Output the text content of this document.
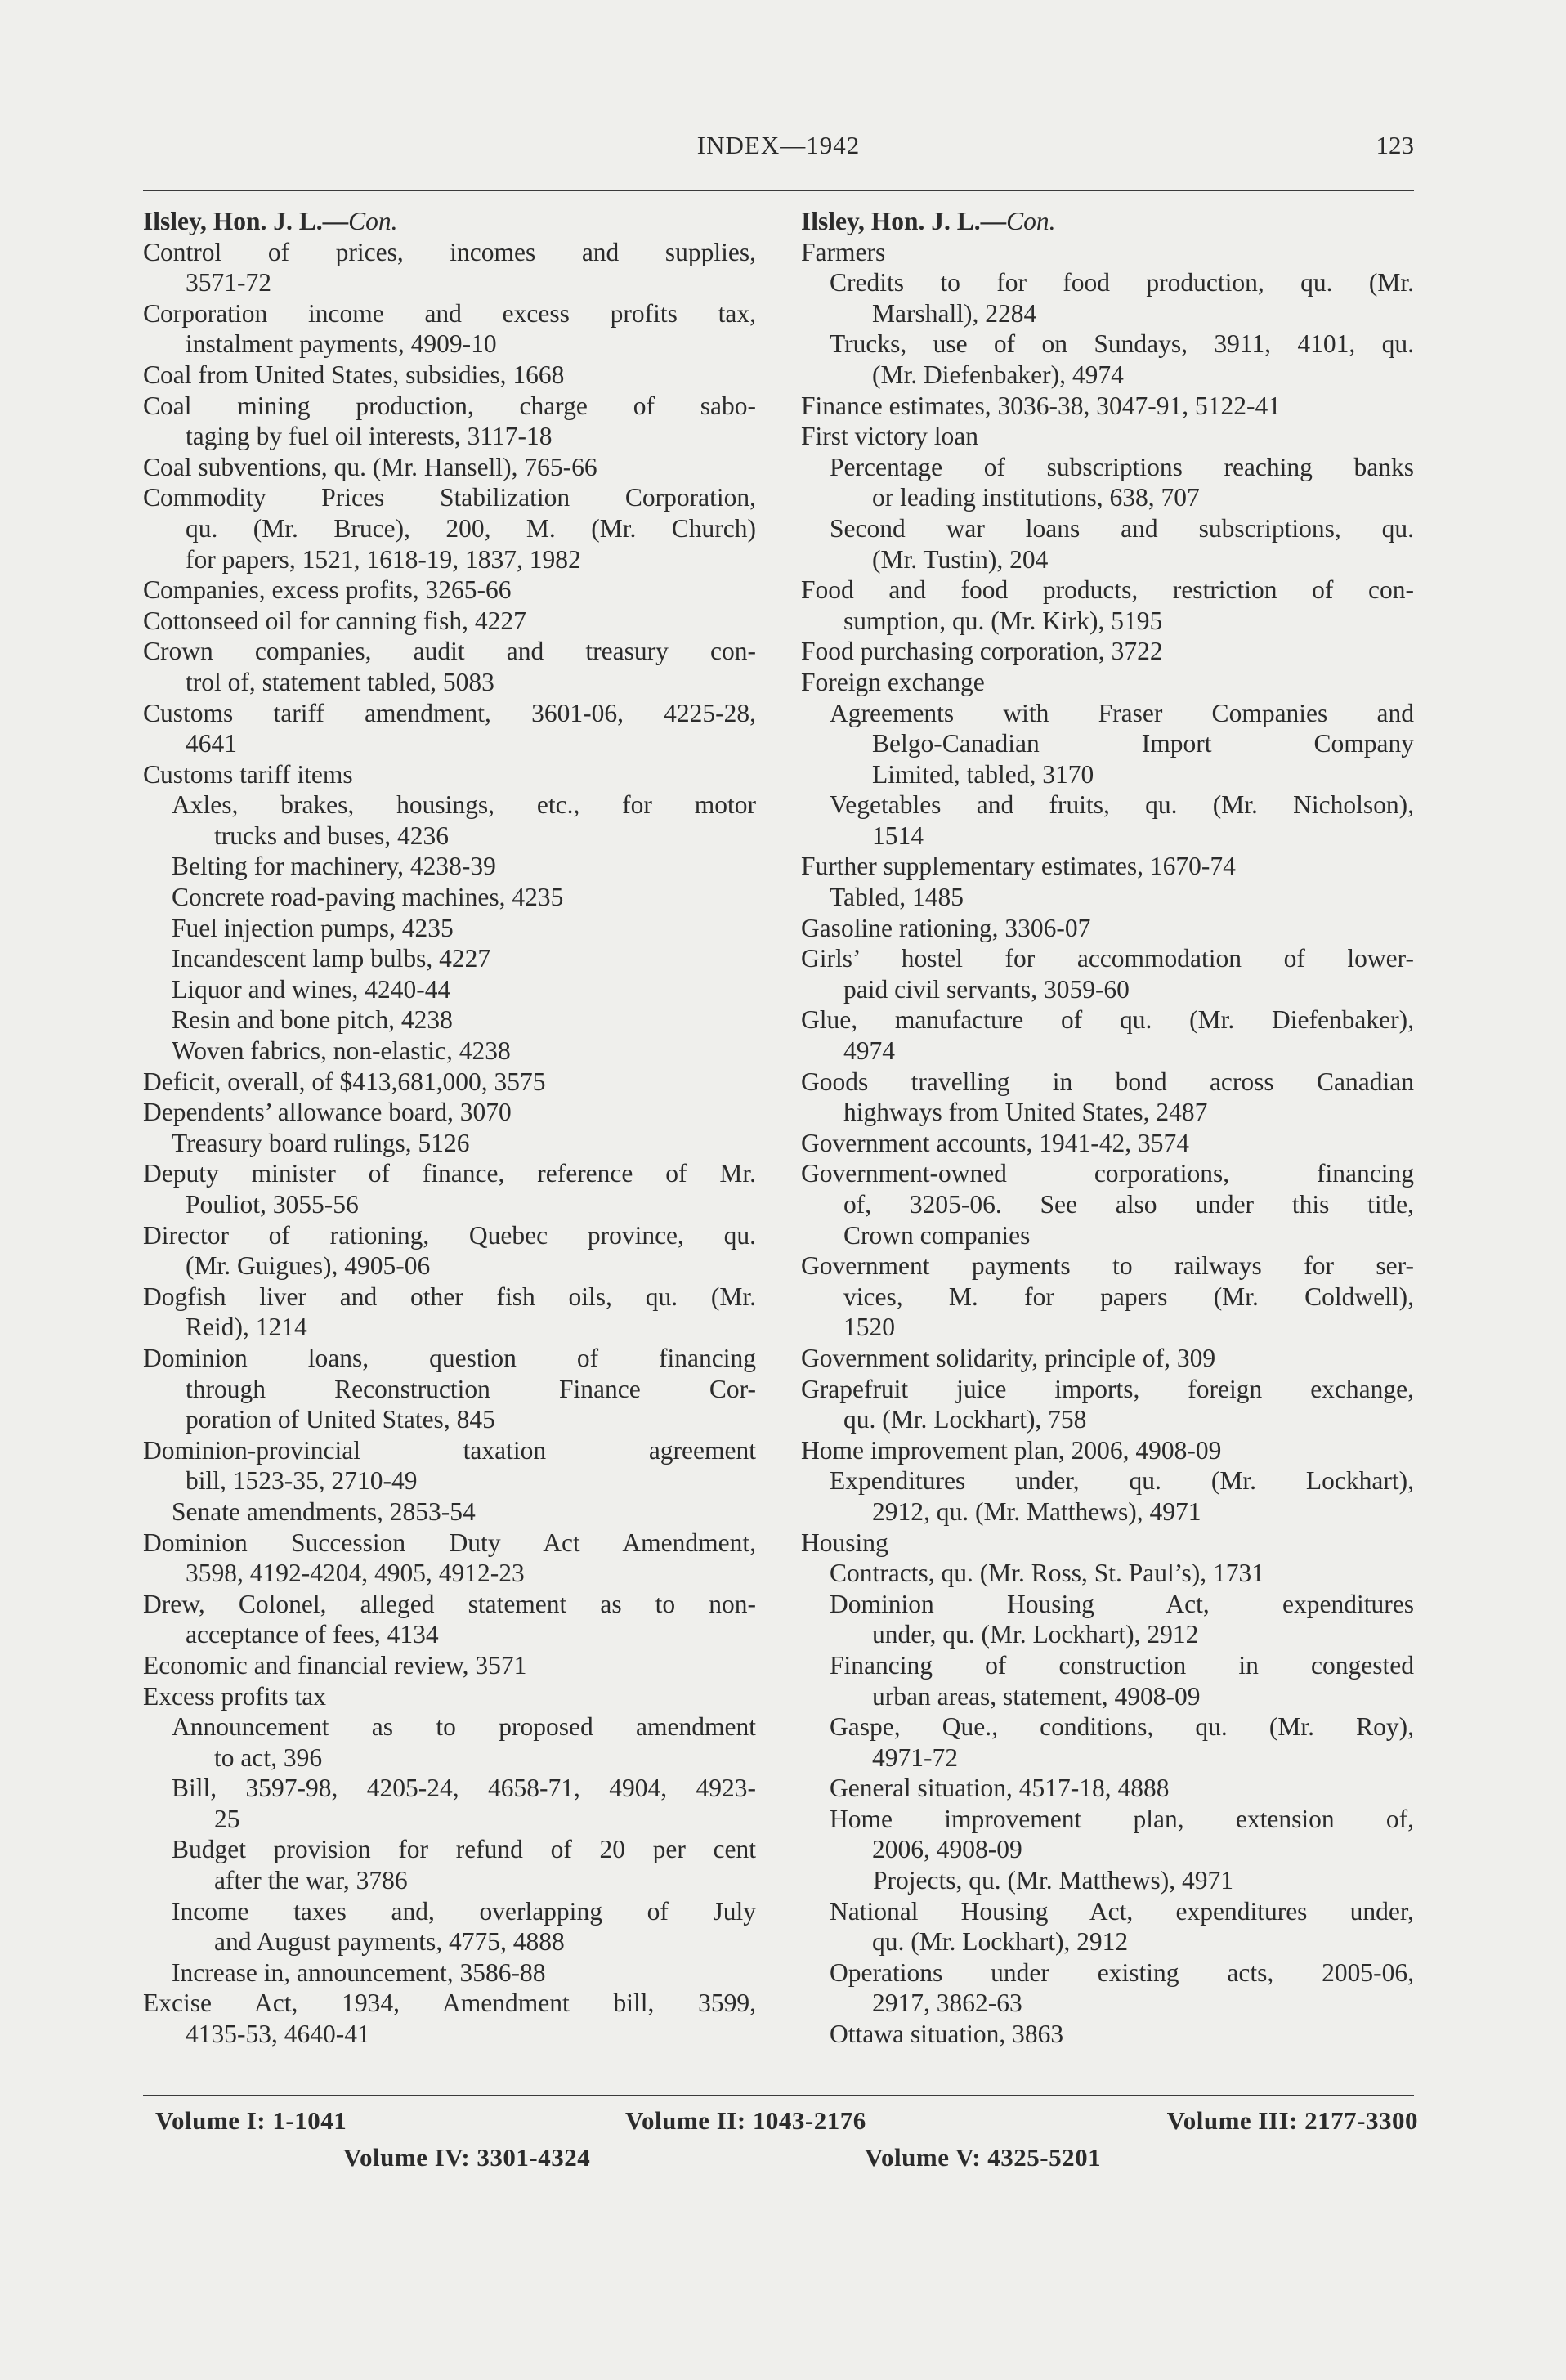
INDEX—1942	123
Ilsley, Hon. J. L.—Con.
Control of prices, incomes and supplies,
3571-72
Corporation income and excess profits tax,
instalment payments, 4909-10
Coal from United States, subsidies, 1668
Coal mining production, charge of sabo-
taging by fuel oil interests, 3117-18
Coal subventions, qu. (Mr. Hansell), 765-66
Commodity Prices Stabilization Corporation,
qu. (Mr. Bruce), 200, M. (Mr. Church)
for papers, 1521, 1618-19, 1837, 1982
Companies, excess profits, 3265-66
Cottonseed oil for canning fish, 4227
Crown companies, audit and treasury con-
trol of, statement tabled, 5083
Customs tariff amendment, 3601-06, 4225-28,
4641
Customs tariff items
Axles, brakes, housings, etc., for motor
trucks and buses, 4236
Belting for machinery, 4238-39
Concrete road-paving machines, 4235
Fuel injection pumps, 4235
Incandescent lamp bulbs, 4227
Liquor and wines, 4240-44
Resin and bone pitch, 4238
Woven fabrics, non-elastic, 4238
Deficit, overall, of $413,681,000, 3575
Dependents’ allowance board, 3070
Treasury board rulings, 5126
Deputy minister of finance, reference of Mr.
Pouliot, 3055-56
Director of rationing, Quebec province, qu.
(Mr. Guigues), 4905-06
Dogfish liver and other fish oils, qu. (Mr.
Reid), 1214
Dominion loans, question of financing
through Reconstruction Finance Cor-
poration of United States, 845
Dominion-provincial taxation agreement
bill, 1523-35, 2710-49
Senate amendments, 2853-54
Dominion Succession Duty Act Amendment,
3598, 4192-4204, 4905, 4912-23
Drew, Colonel, alleged statement as to non-
acceptance of fees, 4134
Economic and financial review, 3571
Excess profits tax
Announcement as to proposed amendment
to act, 396
Bill, 3597-98, 4205-24, 4658-71, 4904, 4923-
25
Budget provision for refund of 20 per cent
after the war, 3786
Income taxes and, overlapping of July
and August payments, 4775, 4888
Increase in, announcement, 3586-88
Excise Act, 1934, Amendment bill, 3599,
4135-53, 4640-41
Ilsley, Hon. J. L.—Con.
Farmers
Credits to for food production, qu. (Mr.
Marshall), 2284
Trucks, use of on Sundays, 3911, 4101, qu.
(Mr. Diefenbaker), 4974
Finance estimates, 3036-38, 3047-91, 5122-41
First victory loan
Percentage of subscriptions reaching banks
or leading institutions, 638, 707
Second war loans and subscriptions, qu.
(Mr. Tustin), 204
Food and food products, restriction of con-
sumption, qu. (Mr. Kirk), 5195
Food purchasing corporation, 3722
Foreign exchange
Agreements with Fraser Companies and
Belgo-Canadian Import Company
Limited, tabled, 3170
Vegetables and fruits, qu. (Mr. Nicholson),
1514
Further supplementary estimates, 1670-74
Tabled, 1485
Gasoline rationing, 3306-07
Girls’ hostel for accommodation of lower-
paid civil servants, 3059-60
Glue, manufacture of qu. (Mr. Diefenbaker),
4974
Goods travelling in bond across Canadian
highways from United States, 2487
Government accounts, 1941-42, 3574
Government-owned corporations, financing
of, 3205-06. See also under this title,
Crown companies
Government payments to railways for ser-
vices, M. for papers (Mr. Coldwell),
1520
Government solidarity, principle of, 309
Grapefruit juice imports, foreign exchange,
qu. (Mr. Lockhart), 758
Home improvement plan, 2006, 4908-09
Expenditures under, qu. (Mr. Lockhart),
2912, qu. (Mr. Matthews), 4971
Housing
Contracts, qu. (Mr. Ross, St. Paul’s), 1731
Dominion Housing Act, expenditures
under, qu. (Mr. Lockhart), 2912
Financing of construction in congested
urban areas, statement, 4908-09
Gaspe, Que., conditions, qu. (Mr. Roy),
4971-72
General situation, 4517-18, 4888
Home improvement plan, extension of,
2006, 4908-09
Projects, qu. (Mr. Matthews), 4971
National Housing Act, expenditures under,
qu. (Mr. Lockhart), 2912
Operations under existing acts, 2005-06,
2917, 3862-63
Ottawa situation, 3863
Volume I: 1-1041	Volume II: 1043-2176	Volume III: 2177-3300
Volume IV: 3301-4324	Volume V: 4325-5201
